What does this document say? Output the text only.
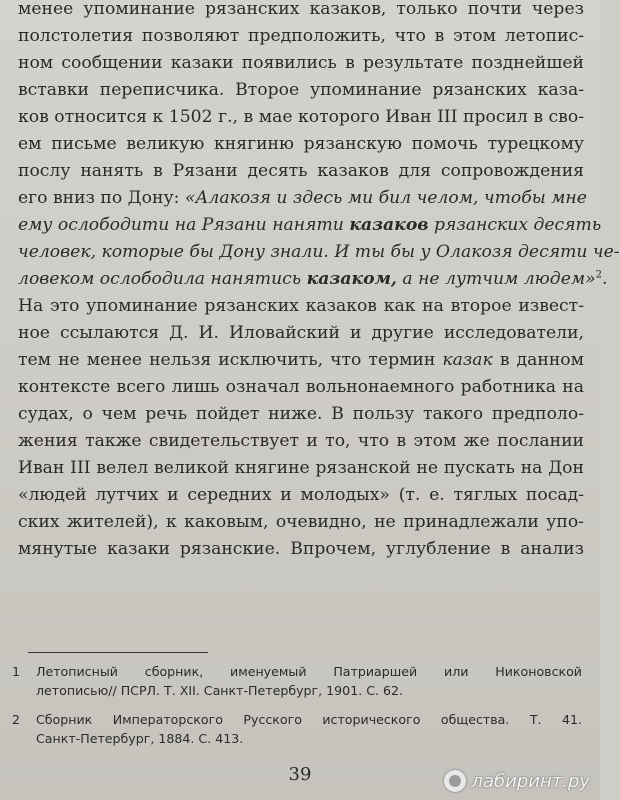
менее упоминание рязанских казаков, только почти через
полстолетия позволяют предположить, что в этом летопис-
ном сообщении казаки появились в результате позднейшей
вставки переписчика. Второе упоминание рязанских каза-
ков относится к 1502 г., в мае которого Иван III просил в сво-
ем письме великую княгиню рязанскую помочь турецкому
послу нанять в Рязани десять казаков для сопровождения
его вниз по Дону: «Алакозя и здесь ми бил челом, чтобы мне
ему ослободити на Рязани наняти казаков рязанских десять
человек, которые бы Дону знали. И ты бы у Олакозя десяти че-
ловеком ослободила нанятись казаком, а не лутчим людем»$^2$.
На это упоминание рязанских казаков как на второе извест-
ное ссылаются Д. И. Иловайский и другие исследователи,
тем не менее нельзя исключить, что термин казак в данном
контексте всего лишь означал вольнонаемного работника на
судах, о чем речь пойдет ниже. В пользу такого предполо-
жения также свидетельствует и то, что в этом же послании
Иван III велел великой княгине рязанской не пускать на Дон
«людей лутчих и середних и молодых» (т. е. тяглых посад-
ских жителей), к каковым, очевидно, не принадлежали упо-
мянутые казаки рязанские. Впрочем, углубление в анализ
1	Летописный сборник, именуемый Патриаршей или Никоновской
летописью// ПСРЛ. Т. XII. Санкт-Петербург, 1901. С. 62.
2	Сборник Императорского Русского исторического общества. Т. 41.
Санкт-Петербург, 1884. С. 413.
39	лабиринт.ру
